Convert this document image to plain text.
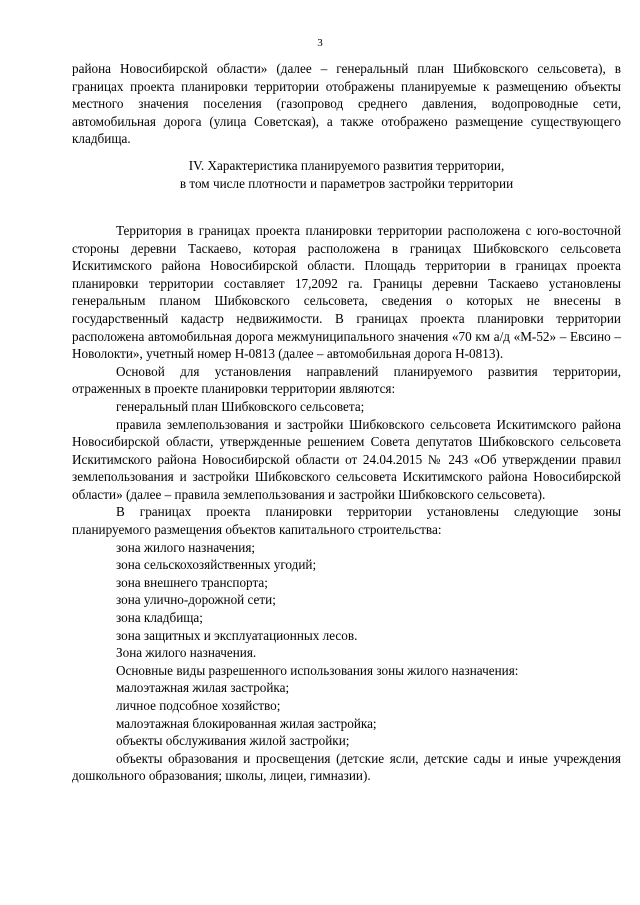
3

района Новосибирской области» (далее – генеральный план Шибковского сельсовета), в границах проекта планировки территории отображены планируемые к размещению объекты местного значения поселения (газопровод среднего давления, водопроводные сети, автомобильная дорога (улица Советская), а также отображено размещение существующего кладбища.

IV. Характеристика планируемого развития территории,
в том числе плотности и параметров застройки территории

Территория в границах проекта планировки территории расположена с юго-восточной стороны деревни Таскаево, которая расположена в границах Шибковского сельсовета Искитимского района Новосибирской области. Площадь территории в границах проекта планировки территории составляет 17,2092 га. Границы деревни Таскаево установлены генеральным планом Шибковского сельсовета, сведения о которых не внесены в государственный кадастр недвижимости. В границах проекта планировки территории расположена автомобильная дорога межмуниципального значения «70 км а/д «М-52» – Евсино – Новолокти», учетный номер Н-0813 (далее – автомобильная дорога Н-0813).

Основой для установления направлений планируемого развития территории, отраженных в проекте планировки территории являются:

генеральный план Шибковского сельсовета;

правила землепользования и застройки Шибковского сельсовета Искитимского района Новосибирской области, утвержденные решением Совета депутатов Шибковского сельсовета Искитимского района Новосибирской области от 24.04.2015 № 243 «Об утверждении правил землепользования и застройки Шибковского сельсовета Искитимского района Новосибирской области» (далее – правила землепользования и застройки Шибковского сельсовета).

В границах проекта планировки территории установлены следующие зоны планируемого размещения объектов капитального строительства:

зона жилого назначения;

зона сельскохозяйственных угодий;

зона внешнего транспорта;

зона улично-дорожной сети;

зона кладбища;

зона защитных и эксплуатационных лесов.

Зона жилого назначения.

Основные виды разрешенного использования зоны жилого назначения:

малоэтажная жилая застройка;

личное подсобное хозяйство;

малоэтажная блокированная жилая застройка;

объекты обслуживания жилой застройки;

объекты образования и просвещения (детские ясли, детские сады и иные учреждения дошкольного образования; школы, лицеи, гимназии).
